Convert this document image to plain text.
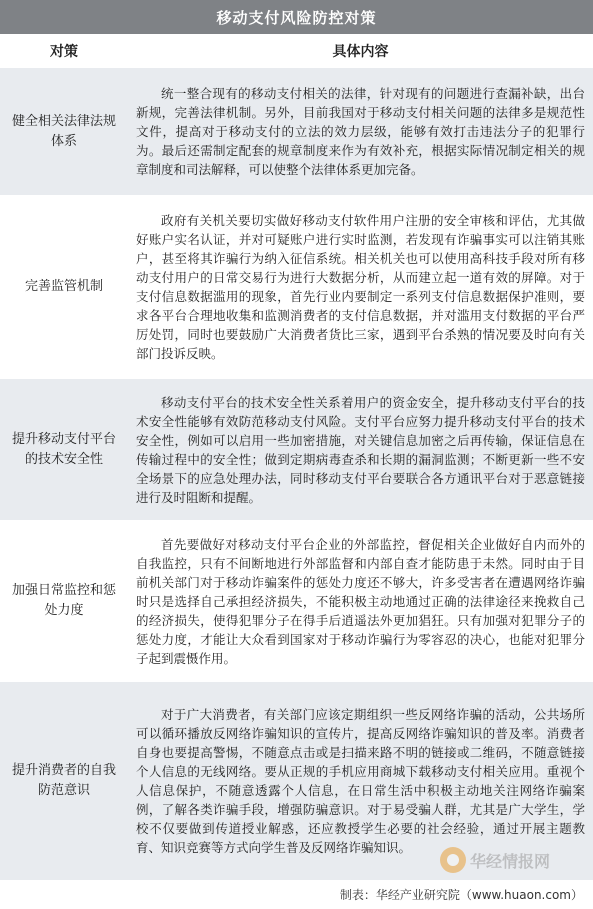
移动支付风险防控对策
对策	具体内容
健全相关法律法规体系
统一整合现有的移动支付相关的法律，针对现有的问题进行查漏补缺，出台新规，完善法律机制。另外，目前我国对于移动支付相关问题的法律多是规范性文件，提高对于移动支付的立法的效力层级，能够有效打击违法分子的犯罪行为。最后还需制定配套的规章制度来作为有效补充，根据实际情况制定相关的规章制度和司法解释，可以使整个法律体系更加完备。
完善监管机制
政府有关机关要切实做好移动支付软件用户注册的安全审核和评估，尤其做好账户实名认证，并对可疑账户进行实时监测，若发现有诈骗事实可以注销其账户，甚至将其诈骗行为纳入征信系统。相关机关也可以使用高科技手段对所有移动支付用户的日常交易行为进行大数据分析，从而建立起一道有效的屏障。对于支付信息数据滥用的现象，首先行业内要制定一系列支付信息数据保护准则，要求各平台合理地收集和监测消费者的支付信息数据，并对滥用支付数据的平台严厉处罚，同时也要鼓励广大消费者货比三家，遇到平台杀熟的情况要及时向有关部门投诉反映。
提升移动支付平台的技术安全性
移动支付平台的技术安全性关系着用户的资金安全，提升移动支付平台的技术安全性能够有效防范移动支付风险。支付平台应努力提升移动支付平台的技术安全性，例如可以启用一些加密措施，对关键信息加密之后再传输，保证信息在传输过程中的安全性；做到定期病毒查杀和长期的漏洞监测；不断更新一些不安全场景下的应急处理办法，同时移动支付平台要联合各方通讯平台对于恶意链接进行及时阻断和提醒。
加强日常监控和惩处力度
首先要做好对移动支付平台企业的外部监控，督促相关企业做好自内而外的自我监控，只有不间断地进行外部监督和内部自查才能防患于未然。同时由于目前机关部门对于移动诈骗案件的惩处力度还不够大，许多受害者在遭遇网络诈骗时只是选择自己承担经济损失，不能积极主动地通过正确的法律途径来挽救自己的经济损失，使得犯罪分子在得手后逍遥法外更加猖狂。只有加强对犯罪分子的惩处力度，才能让大众看到国家对于移动诈骗行为零容忍的决心，也能对犯罪分子起到震慑作用。
提升消费者的自我防范意识
对于广大消费者，有关部门应该定期组织一些反网络诈骗的活动，公共场所可以循环播放反网络诈骗知识的宣传片，提高反网络诈骗知识的普及率。消费者自身也要提高警惕，不随意点击或是扫描来路不明的链接或二维码，不随意链接个人信息的无线网络。要从正规的手机应用商城下载移动支付相关应用。重视个人信息保护，不随意透露个人信息，在日常生活中积极主动地关注网络诈骗案例，了解各类诈骗手段，增强防骗意识。对于易受骗人群，尤其是广大学生，学校不仅要做到传道授业解惑，还应教授学生必要的社会经验，通过开展主题教育、知识竞赛等方式向学生普及反网络诈骗知识。
华经情报网
制表：华经产业研究院（www.huaon.com）
